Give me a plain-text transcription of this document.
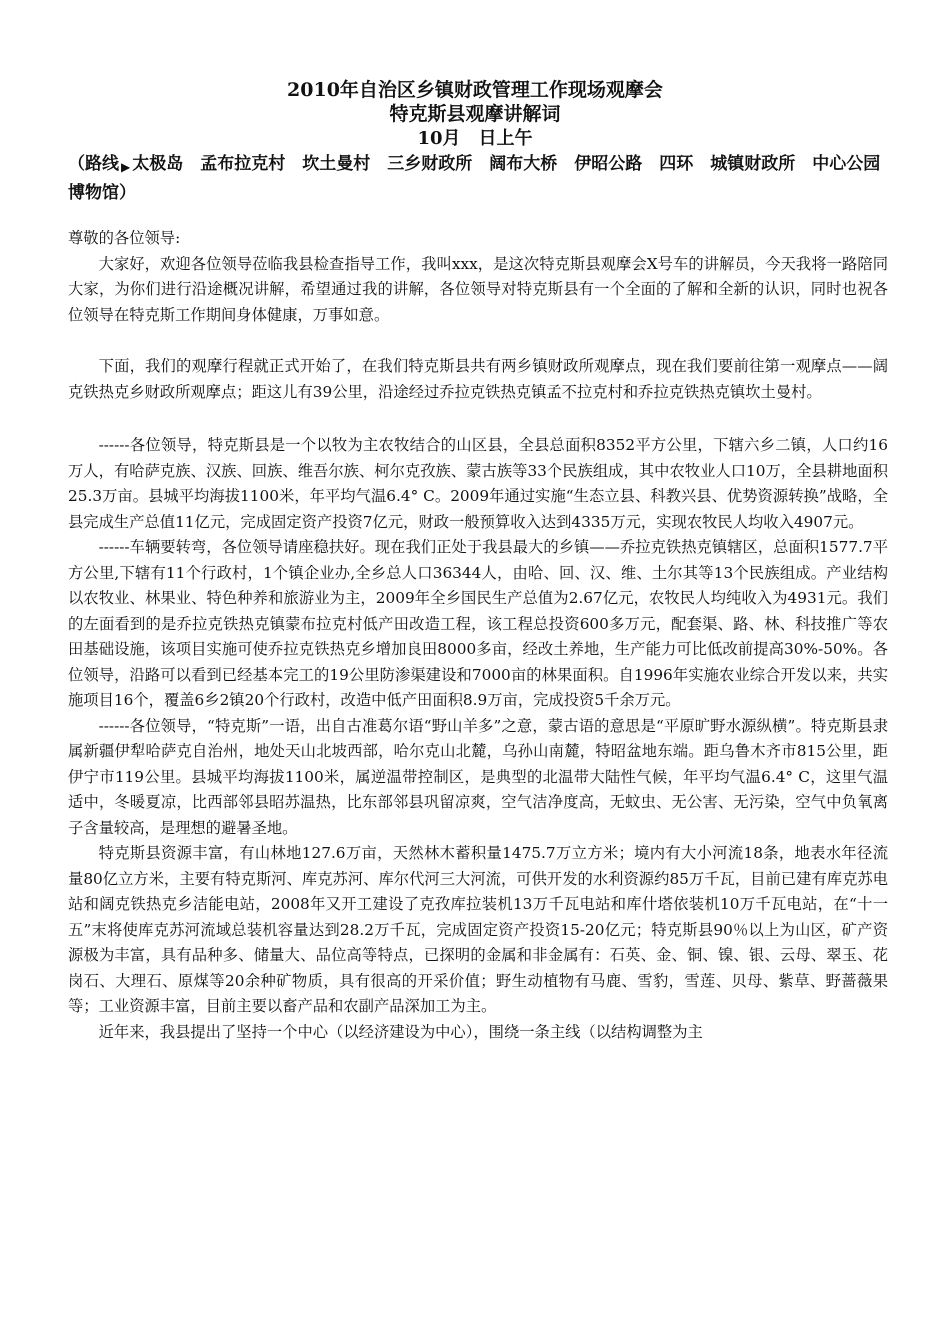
2010年自治区乡镇财政管理工作现场观摩会
特克斯县观摩讲解词
10月　日上午
（路线 ▶ 太极岛　孟布拉克村　坎土曼村　三乡财政所　阔布大桥　伊昭公路　四环　城镇财政所　中心公园　博物馆）

尊敬的各位领导:

大家好，欢迎各位领导莅临我县检查指导工作，我叫xxx，是这次特克斯县观摩会X号车的讲解员，今天我将一路陪同大家，为你们进行沿途概况讲解，希望通过我的讲解，各位领导对特克斯县有一个全面的了解和全新的认识，同时也祝各位领导在特克斯工作期间身体健康，万事如意。

下面，我们的观摩行程就正式开始了，在我们特克斯县共有两乡镇财政所观摩点，现在我们要前往第一观摩点——阔克铁热克乡财政所观摩点；距这儿有39公里，沿途经过乔拉克铁热克镇孟不拉克村和乔拉克铁热克镇坎土曼村。

------各位领导，特克斯县是一个以牧为主农牧结合的山区县，全县总面积8352平方公里，下辖六乡二镇，人口约16万人，有哈萨克族、汉族、回族、维吾尔族、柯尔克孜族、蒙古族等33个民族组成，其中农牧业人口10万，全县耕地面积25.3万亩。县城平均海拔1100米，年平均气温6.4° C。2009年通过实施“生态立县、科教兴县、优势资源转换”战略，全县完成生产总值11亿元，完成固定资产投资7亿元，财政一般预算收入达到4335万元，实现农牧民人均收入4907元。

------车辆要转弯，各位领导请座稳扶好。现在我们正处于我县最大的乡镇——乔拉克铁热克镇辖区，总面积1577.7平方公里,下辖有11个行政村，1个镇企业办,全乡总人口36344人，由哈、回、汉、维、土尔其等13个民族组成。产业结构以农牧业、林果业、特色种养和旅游业为主，2009年全乡国民生产总值为2.67亿元，农牧民人均纯收入为4931元。我们的左面看到的是乔拉克铁热克镇蒙布拉克村低产田改造工程，该工程总投资600多万元，配套渠、路、林、科技推广等农田基础设施，该项目实施可使乔拉克铁热克乡增加良田8000多亩，经改土养地，生产能力可比低改前提高30%-50%。各位领导，沿路可以看到已经基本完工的19公里防渗渠建设和7000亩的林果面积。自1996年实施农业综合开发以来，共实施项目16个，覆盖6乡2镇20个行政村，改造中低产田面积8.9万亩，完成投资5千余万元。

------各位领导，“特克斯”一语，出自古准葛尔语“野山羊多”之意，蒙古语的意思是“平原旷野水源纵横”。特克斯县隶属新疆伊犁哈萨克自治州，地处天山北坡西部，哈尔克山北麓，乌孙山南麓，特昭盆地东端。距乌鲁木齐市815公里，距伊宁市119公里。县城平均海拔1100米，属逆温带控制区，是典型的北温带大陆性气候，年平均气温6.4° C，这里气温适中，冬暖夏凉，比西部邻县昭苏温热，比东部邻县巩留凉爽，空气洁净度高，无蚊虫、无公害、无污染，空气中负氧离子含量较高，是理想的避暑圣地。

特克斯县资源丰富，有山林地127.6万亩，天然林木蓄积量1475.7万立方米；境内有大小河流18条，地表水年径流量80亿立方米，主要有特克斯河、库克苏河、库尔代河三大河流，可供开发的水利资源约85万千瓦，目前已建有库克苏电站和阔克铁热克乡洁能电站，2008年又开工建设了克孜库拉装机13万千瓦电站和库什塔依装机10万千瓦电站，在“十一五”末将使库克苏河流域总装机容量达到28.2万千瓦，完成固定资产投资15-20亿元；特克斯县90％以上为山区，矿产资源极为丰富，具有品种多、储量大、品位高等特点，已探明的金属和非金属有：石英、金、铜、镍、银、云母、翠玉、花岗石、大理石、原煤等20余种矿物质，具有很高的开采价值；野生动植物有马鹿、雪豹，雪莲、贝母、紫草、野蔷薇果等；工业资源丰富，目前主要以畜产品和农副产品深加工为主。

近年来，我县提出了坚持一个中心（以经济建设为中心），围绕一条主线（以结构调整为主
